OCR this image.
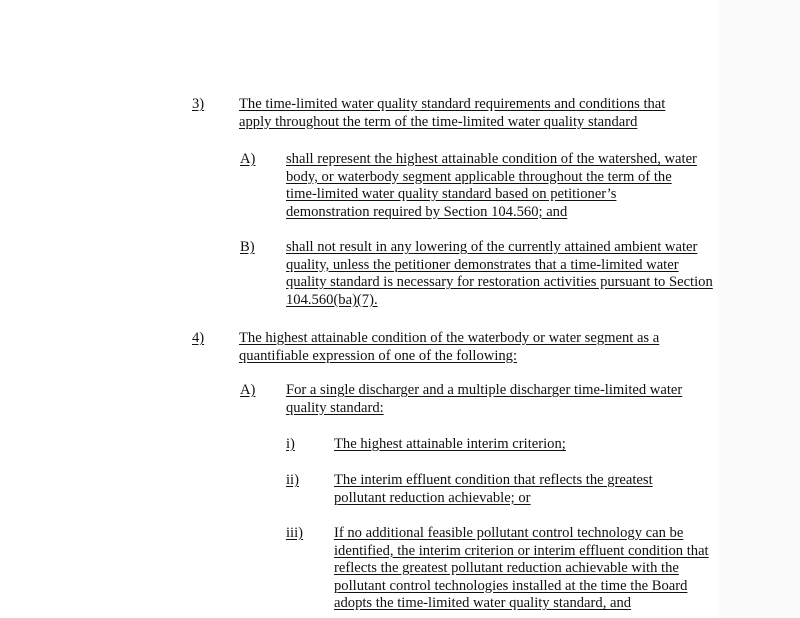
3) The time-limited water quality standard requirements and conditions that apply throughout the term of the time-limited water quality standard
A) shall represent the highest attainable condition of the watershed, water body, or waterbody segment applicable throughout the term of the time-limited water quality standard based on petitioner’s demonstration required by Section 104.560; and
B) shall not result in any lowering of the currently attained ambient water quality, unless the petitioner demonstrates that a time-limited water quality standard is necessary for restoration activities pursuant to Section 104.560(ba)(7).
4) The highest attainable condition of the waterbody or water segment as a quantifiable expression of one of the following:
A) For a single discharger and a multiple discharger time-limited water quality standard:
i)	The highest attainable interim criterion;
ii) The interim effluent condition that reflects the greatest pollutant reduction achievable; or
iii) If no additional feasible pollutant control technology can be identified, the interim criterion or interim effluent condition that reflects the greatest pollutant reduction achievable with the pollutant control technologies installed at the time the Board adopts the time-limited water quality standard, and
